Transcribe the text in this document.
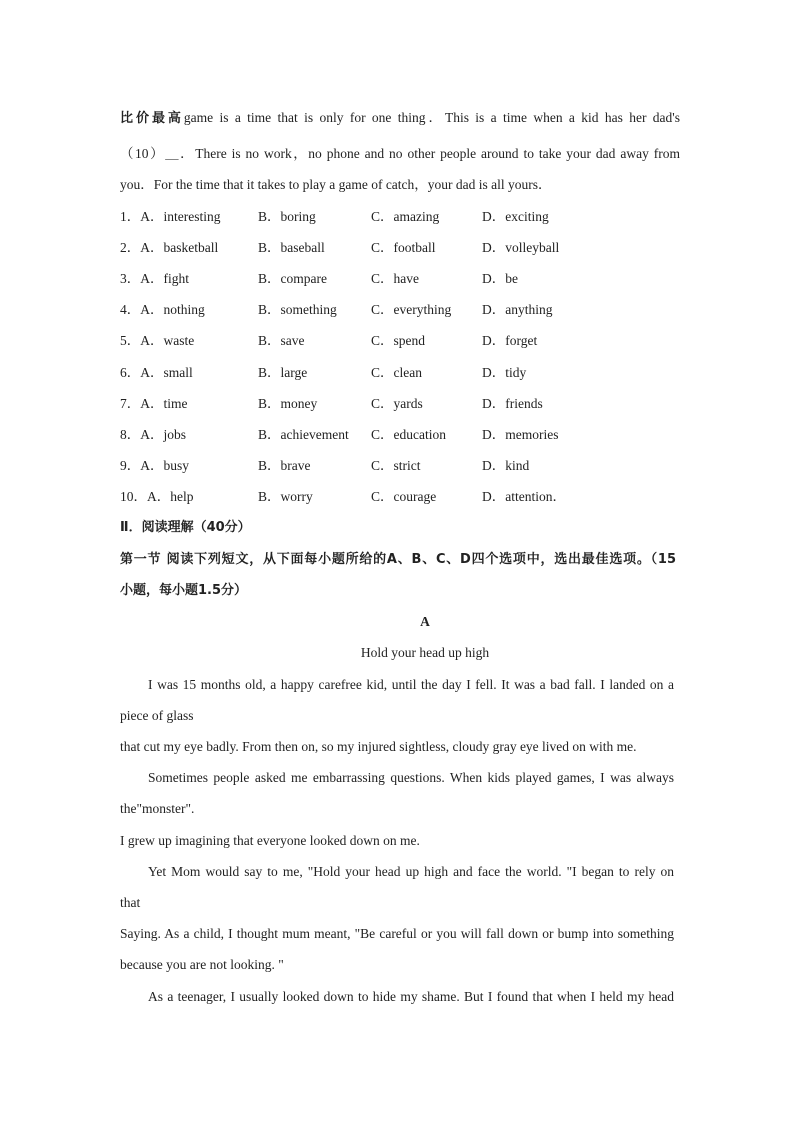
比价最高game is a time that is only for one thing．This is a time when a kid has her dad's
（10）＿．There is no work，no phone and no other people around to take your dad away from
you．For the time that it takes to play a game of catch，your dad is all yours．
1．A．interesting	B．boring	C．amazing	D．exciting
2．A．basketball	B．baseball	C．football	D．volleyball
3．A．fight	B．compare	C．have	D．be
4．A．nothing	B．something	C．everything D．anything
5．A．waste	B．save	C．spend	D．forget
6．A．small	B．large	C．clean	D．tidy
7．A．time	B．money	C．yards	D．friends
8．A．jobs	B．achievement C．education	D．memories
9．A．busy	B．brave	C．strict	D．kind
10．A．help	B．worry	C．courage	D．attention．
Ⅱ．阅读理解（40分）
第一节 阅读下列短文，从下面每小题所给的A、B、C、D四个选项中，选出最佳选项。（15
小题，每小题1.5分）
A
Hold your head up high
I was 15 months old, a happy carefree kid, until the day I fell. It was a bad fall. I landed on a
piece of glass
that cut my eye badly. From then on, so my injured sightless, cloudy gray eye lived on with me.
Sometimes people asked me embarrassing questions. When kids played games, I was always
the"monster".
I grew up imagining that everyone looked down on me.
Yet Mom would say to me, "Hold your head up high and face the world. "I began to rely on
that
Saying. As a child, I thought mum meant, "Be careful or you will fall down or bump into something
because you are not looking. "
As a teenager, I usually looked down to hide my shame. But I found that when I held my head
